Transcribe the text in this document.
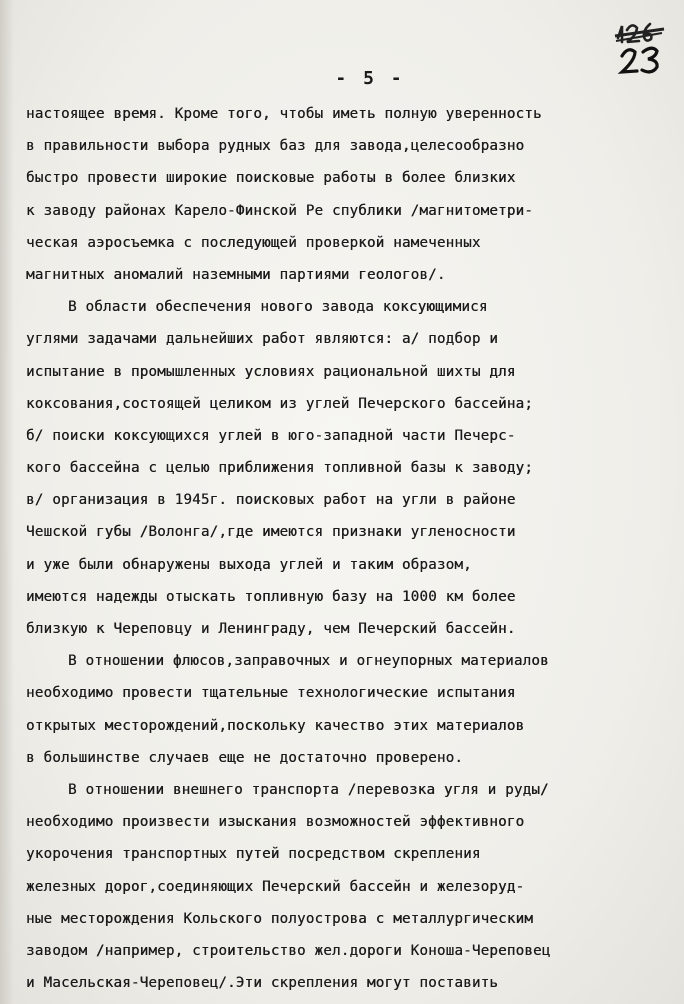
- 5 -
настоящее время. Кроме того, чтобы иметь полную уверенность
в правильности выбора рудных баз для завода,целесообразно
быстро провести широкие поисковые работы в более близких
к заводу районах Карело-Финской Ре спублики /магнитометри-
ческая аэросъемка с последующей проверкой намеченных
магнитных аномалий наземными партиями геологов/.
В области обеспечения нового завода коксующимися
углями задачами дальнейших работ являются: а/ подбор и
испытание в промышленных условиях рациональной шихты для
коксования,состоящей целиком из углей Печерского бассейна;
б/ поиски коксующихся углей в юго-западной части Печерс-
кого бассейна с целью приближения топливной базы к заводу;
в/ организация в 1945г. поисковых работ на угли в районе
Чешской губы /Волонга/,где имеются признаки угленосности
и уже были обнаружены выхода углей и таким образом,
имеются надежды отыскать топливную базу на 1000 км более
близкую к Череповцу и Ленинграду, чем Печерский бассейн.
В отношении флюсов,заправочных и огнеупорных материалов
необходимо провести тщательные технологические испытания
открытых месторождений,поскольку качество этих материалов
в большинстве случаев еще не достаточно проверено.
В отношении внешнего транспорта /перевозка угля и руды/
необходимо произвести изыскания возможностей эффективного
укорочения транспортных путей посредством скрепления
железных дорог,соединяющих Печерский бассейн и железоруд-
ные месторождения Кольского полуострова с металлургическим
заводом /например, строительство жел.дороги Коноша-Череповец
и Масельская-Череповец/.Эти скрепления могут поставить
